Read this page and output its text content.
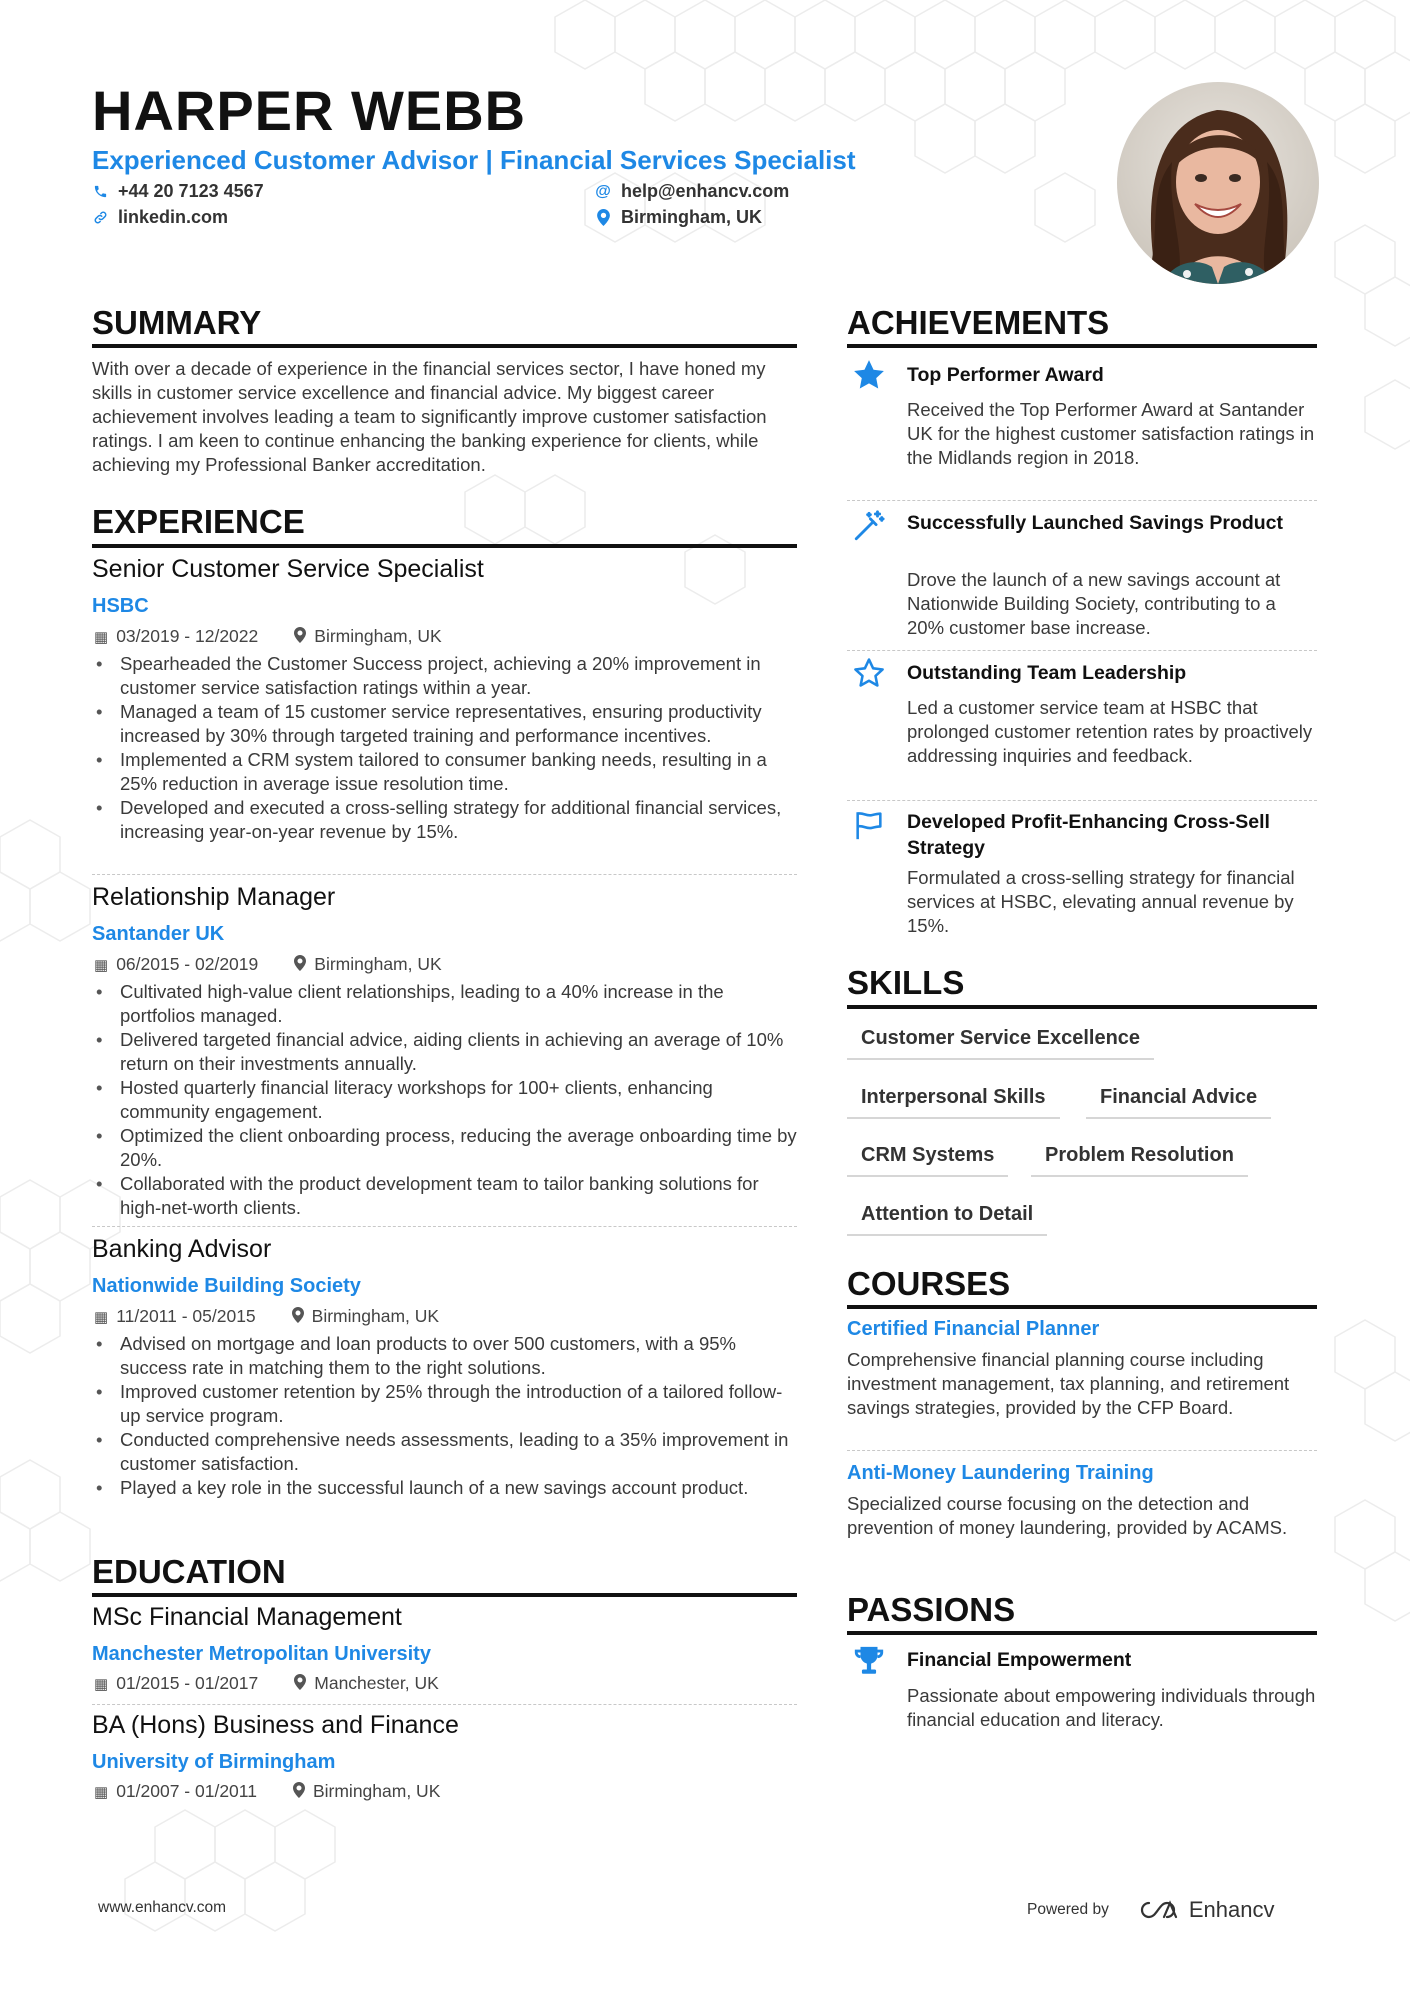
HARPER WEBB
Experienced Customer Advisor | Financial Services Specialist
+44 20 7123 4567	@ help@enhancv.com
linkedin.com	Birmingham, UK
SUMMARY
With over a decade of experience in the financial services sector, I have honed my skills in customer service excellence and financial advice. My biggest career achievement involves leading a team to significantly improve customer satisfaction ratings. I am keen to continue enhancing the banking experience for clients, while achieving my Professional Banker accreditation.
EXPERIENCE
Senior Customer Service Specialist
HSBC
▦ 03/2019 - 12/2022	Birmingham, UK
• Spearheaded the Customer Success project, achieving a 20% improvement in customer service satisfaction ratings within a year.
• Managed a team of 15 customer service representatives, ensuring productivity increased by 30% through targeted training and performance incentives.
• Implemented a CRM system tailored to consumer banking needs, resulting in a 25% reduction in average issue resolution time.
• Developed and executed a cross-selling strategy for additional financial services, increasing year-on-year revenue by 15%.
Relationship Manager
Santander UK
▦ 06/2015 - 02/2019	Birmingham, UK
• Cultivated high-value client relationships, leading to a 40% increase in the portfolios managed.
• Delivered targeted financial advice, aiding clients in achieving an average of 10% return on their investments annually.
• Hosted quarterly financial literacy workshops for 100+ clients, enhancing community engagement.
• Optimized the client onboarding process, reducing the average onboarding time by 20%.
• Collaborated with the product development team to tailor banking solutions for high-net-worth clients.
Banking Advisor
Nationwide Building Society
▦ 11/2011 - 05/2015	Birmingham, UK
• Advised on mortgage and loan products to over 500 customers, with a 95% success rate in matching them to the right solutions.
• Improved customer retention by 25% through the introduction of a tailored follow-up service program.
• Conducted comprehensive needs assessments, leading to a 35% improvement in customer satisfaction.
• Played a key role in the successful launch of a new savings account product.
EDUCATION
MSc Financial Management
Manchester Metropolitan University
▦ 01/2015 - 01/2017	Manchester, UK
BA (Hons) Business and Finance
University of Birmingham
▦ 01/2007 - 01/2011	Birmingham, UK
ACHIEVEMENTS
Top Performer Award
Received the Top Performer Award at Santander UK for the highest customer satisfaction ratings in the Midlands region in 2018.
Successfully Launched Savings Product
Drove the launch of a new savings account at Nationwide Building Society, contributing to a 20% customer base increase.
Outstanding Team Leadership
Led a customer service team at HSBC that prolonged customer retention rates by proactively addressing inquiries and feedback.
Developed Profit-Enhancing Cross-Sell Strategy
Formulated a cross-selling strategy for financial services at HSBC, elevating annual revenue by 15%.
SKILLS
Customer Service Excellence
Interpersonal Skills	Financial Advice
CRM Systems	Problem Resolution
Attention to Detail
COURSES
Certified Financial Planner
Comprehensive financial planning course including investment management, tax planning, and retirement savings strategies, provided by the CFP Board.
Anti-Money Laundering Training
Specialized course focusing on the detection and prevention of money laundering, provided by ACAMS.
PASSIONS
Financial Empowerment
Passionate about empowering individuals through financial education and literacy.
www.enhancv.com	Powered by	Enhancv
